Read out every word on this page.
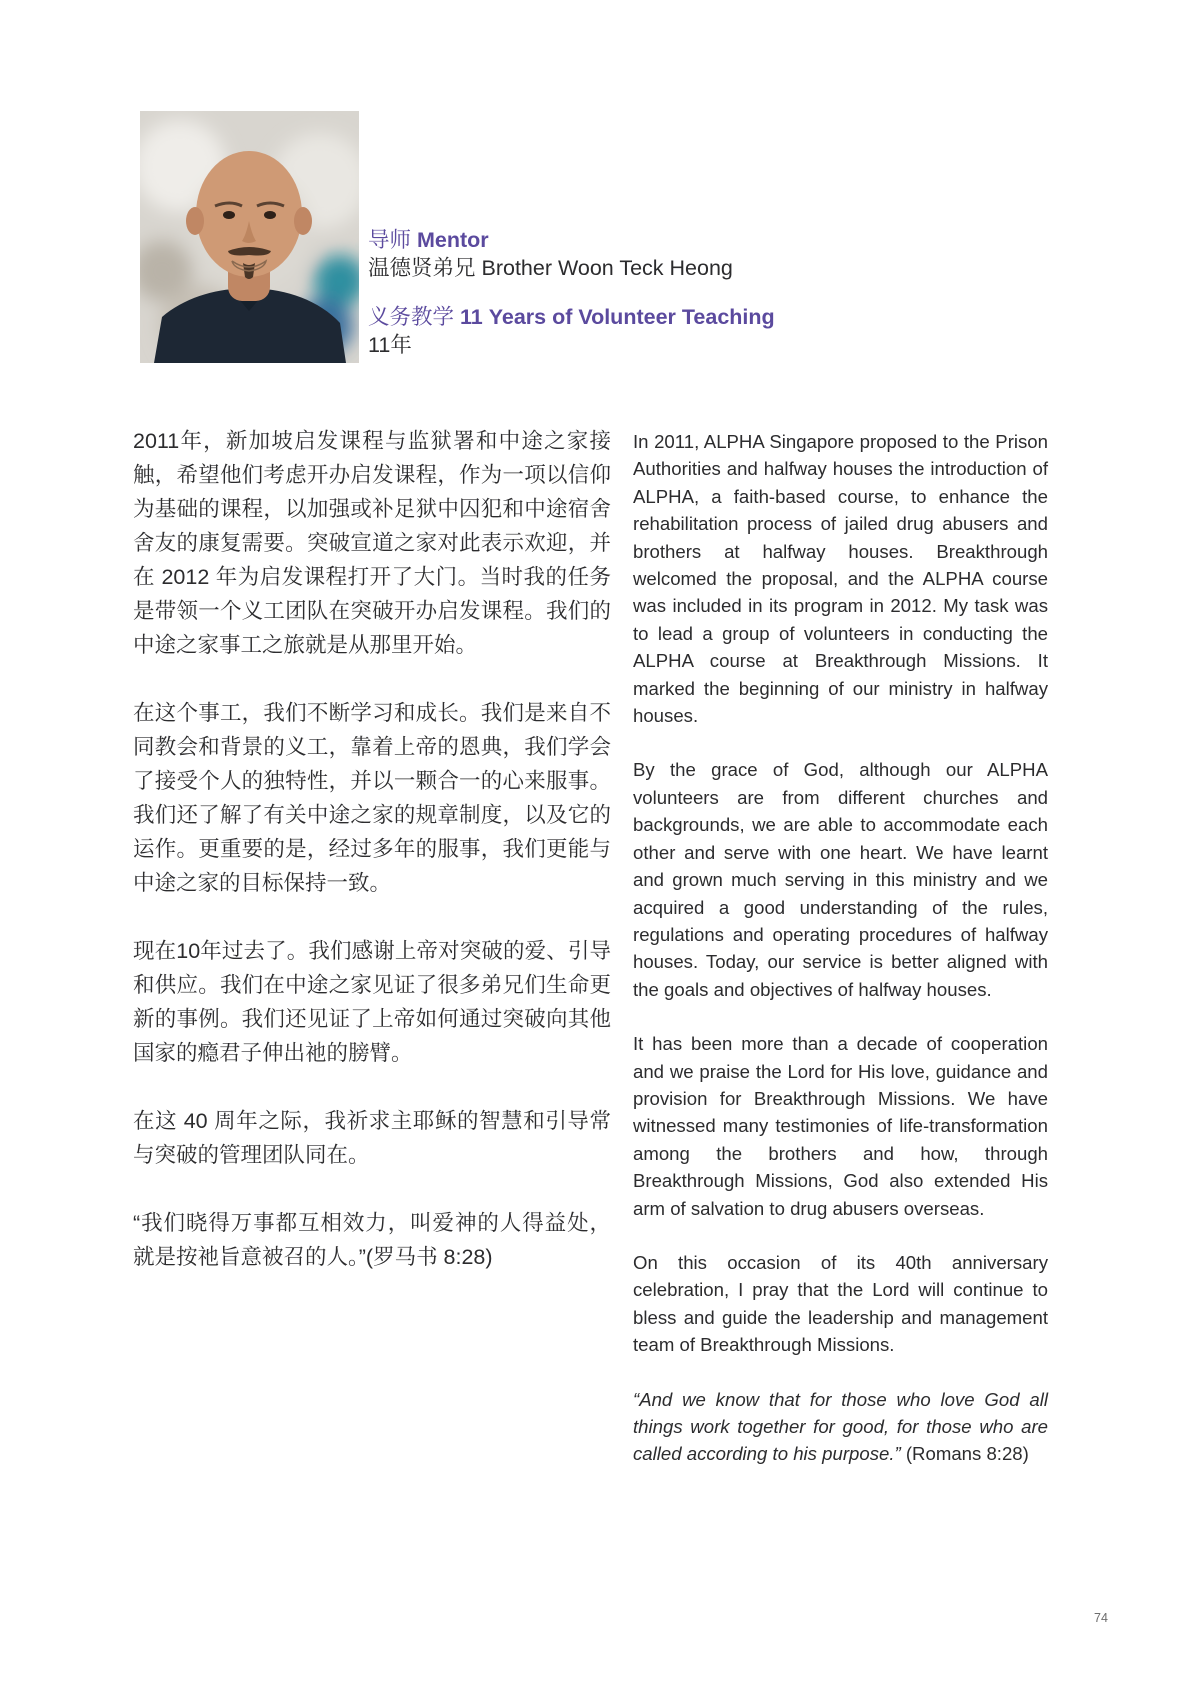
导师 Mentor
温德贤弟兄 Brother Woon Teck Heong
义务教学 11 Years of Volunteer Teaching
11年

2011年，新加坡启发课程与监狱署和中途之家接触，希望他们考虑开办启发课程，作为一项以信仰为基础的课程，以加强或补足狱中囚犯和中途宿舍舍友的康复需要。突破宣道之家对此表示欢迎，并在 2012 年为启发课程打开了大门。当时我的任务是带领一个义工团队在突破开办启发课程。我们的中途之家事工之旅就是从那里开始。

在这个事工，我们不断学习和成长。我们是来自不同教会和背景的义工，靠着上帝的恩典，我们学会了接受个人的独特性，并以一颗合一的心来服事。我们还了解了有关中途之家的规章制度，以及它的运作。更重要的是，经过多年的服事，我们更能与中途之家的目标保持一致。

现在10年过去了。我们感谢上帝对突破的爱、引导和供应。我们在中途之家见证了很多弟兄们生命更新的事例。我们还见证了上帝如何通过突破向其他国家的瘾君子伸出祂的膀臂。

在这 40 周年之际，我祈求主耶稣的智慧和引导常与突破的管理团队同在。

“我们晓得万事都互相效力，叫爱神的人得益处，就是按祂旨意被召的人。”(罗马书 8:28)

In 2011, ALPHA Singapore proposed to the Prison Authorities and halfway houses the introduction of ALPHA, a faith-based course, to enhance the rehabilitation process of jailed drug abusers and brothers at halfway houses. Breakthrough welcomed the proposal, and the ALPHA course was included in its program in 2012. My task was to lead a group of volunteers in conducting the ALPHA course at Breakthrough Missions. It marked the beginning of our ministry in halfway houses.

By the grace of God, although our ALPHA volunteers are from different churches and backgrounds, we are able to accommodate each other and serve with one heart. We have learnt and grown much serving in this ministry and we acquired a good understanding of the rules, regulations and operating procedures of halfway houses. Today, our service is better aligned with the goals and objectives of halfway houses.

It has been more than a decade of cooperation and we praise the Lord for His love, guidance and provision for Breakthrough Missions. We have witnessed many testimonies of life-transformation among the brothers and how, through Breakthrough Missions, God also extended His arm of salvation to drug abusers overseas.

On this occasion of its 40th anniversary celebration, I pray that the Lord will continue to bless and guide the leadership and management team of Breakthrough Missions.

“And we know that for those who love God all things work together for good, for those who are called according to his purpose.” (Romans 8:28)

74
